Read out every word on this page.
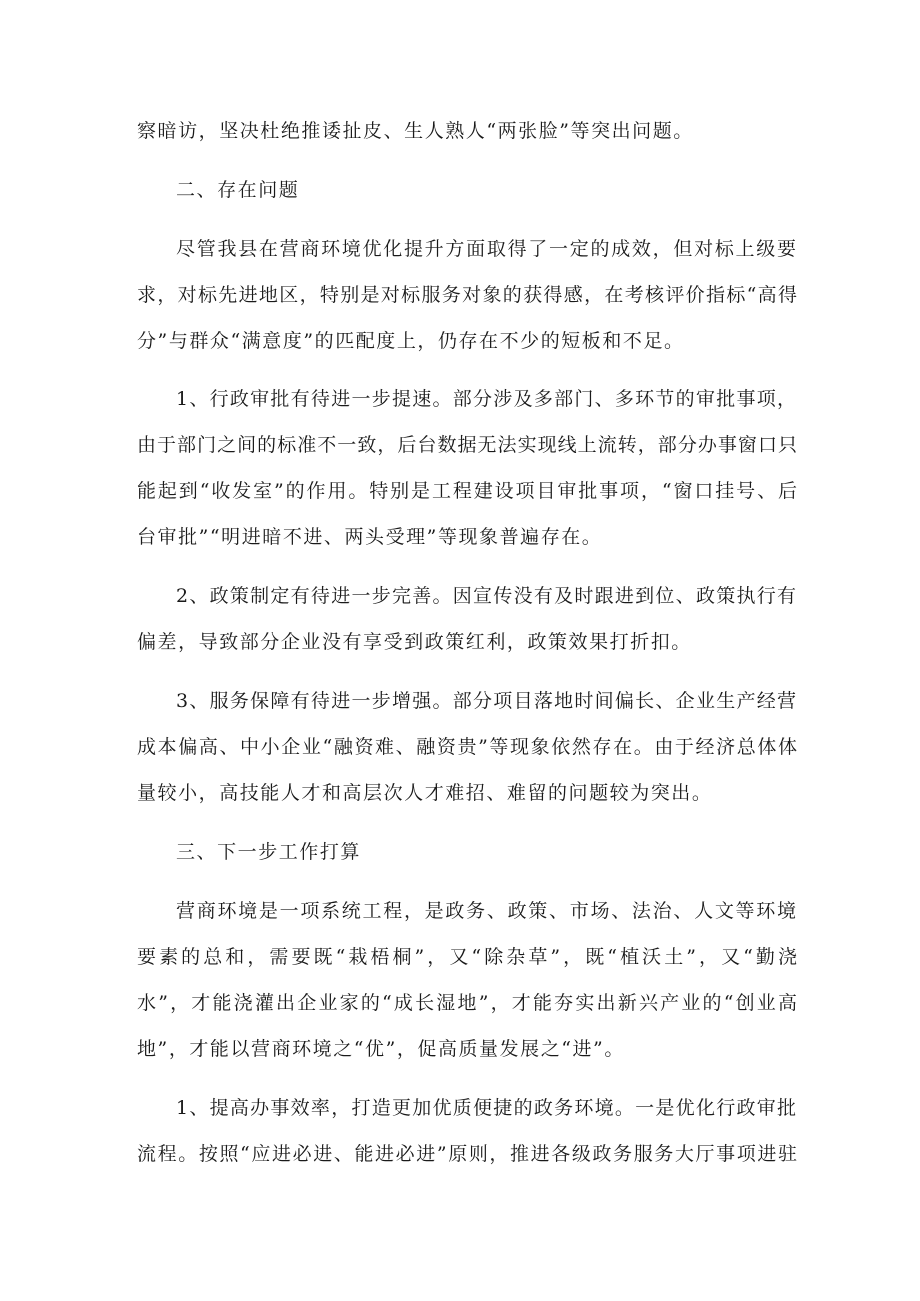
察暗访，坚决杜绝推诿扯皮、生人熟人“两张脸”等突出问题。
二、存在问题
尽管我县在营商环境优化提升方面取得了一定的成效，但对标上级要
求，对标先进地区，特别是对标服务对象的获得感，在考核评价指标“高得
分”与群众“满意度”的匹配度上，仍存在不少的短板和不足。
1、行政审批有待进一步提速。部分涉及多部门、多环节的审批事项，
由于部门之间的标准不一致，后台数据无法实现线上流转，部分办事窗口只
能起到“收发室”的作用。特别是工程建设项目审批事项，“窗口挂号、后
台审批”“明进暗不进、两头受理”等现象普遍存在。
2、政策制定有待进一步完善。因宣传没有及时跟进到位、政策执行有
偏差，导致部分企业没有享受到政策红利，政策效果打折扣。
3、服务保障有待进一步增强。部分项目落地时间偏长、企业生产经营
成本偏高、中小企业“融资难、融资贵”等现象依然存在。由于经济总体体
量较小，高技能人才和高层次人才难招、难留的问题较为突出。
三、下一步工作打算
营商环境是一项系统工程，是政务、政策、市场、法治、人文等环境
要素的总和，需要既“栽梧桐”，又“除杂草”，既“植沃土”，又“勤浇
水”，才能浇灌出企业家的“成长湿地”，才能夯实出新兴产业的“创业高
地”，才能以营商环境之“优”，促高质量发展之“进”。
1、提高办事效率，打造更加优质便捷的政务环境。一是优化行政审批
流程。按照“应进必进、能进必进”原则，推进各级政务服务大厅事项进驻
